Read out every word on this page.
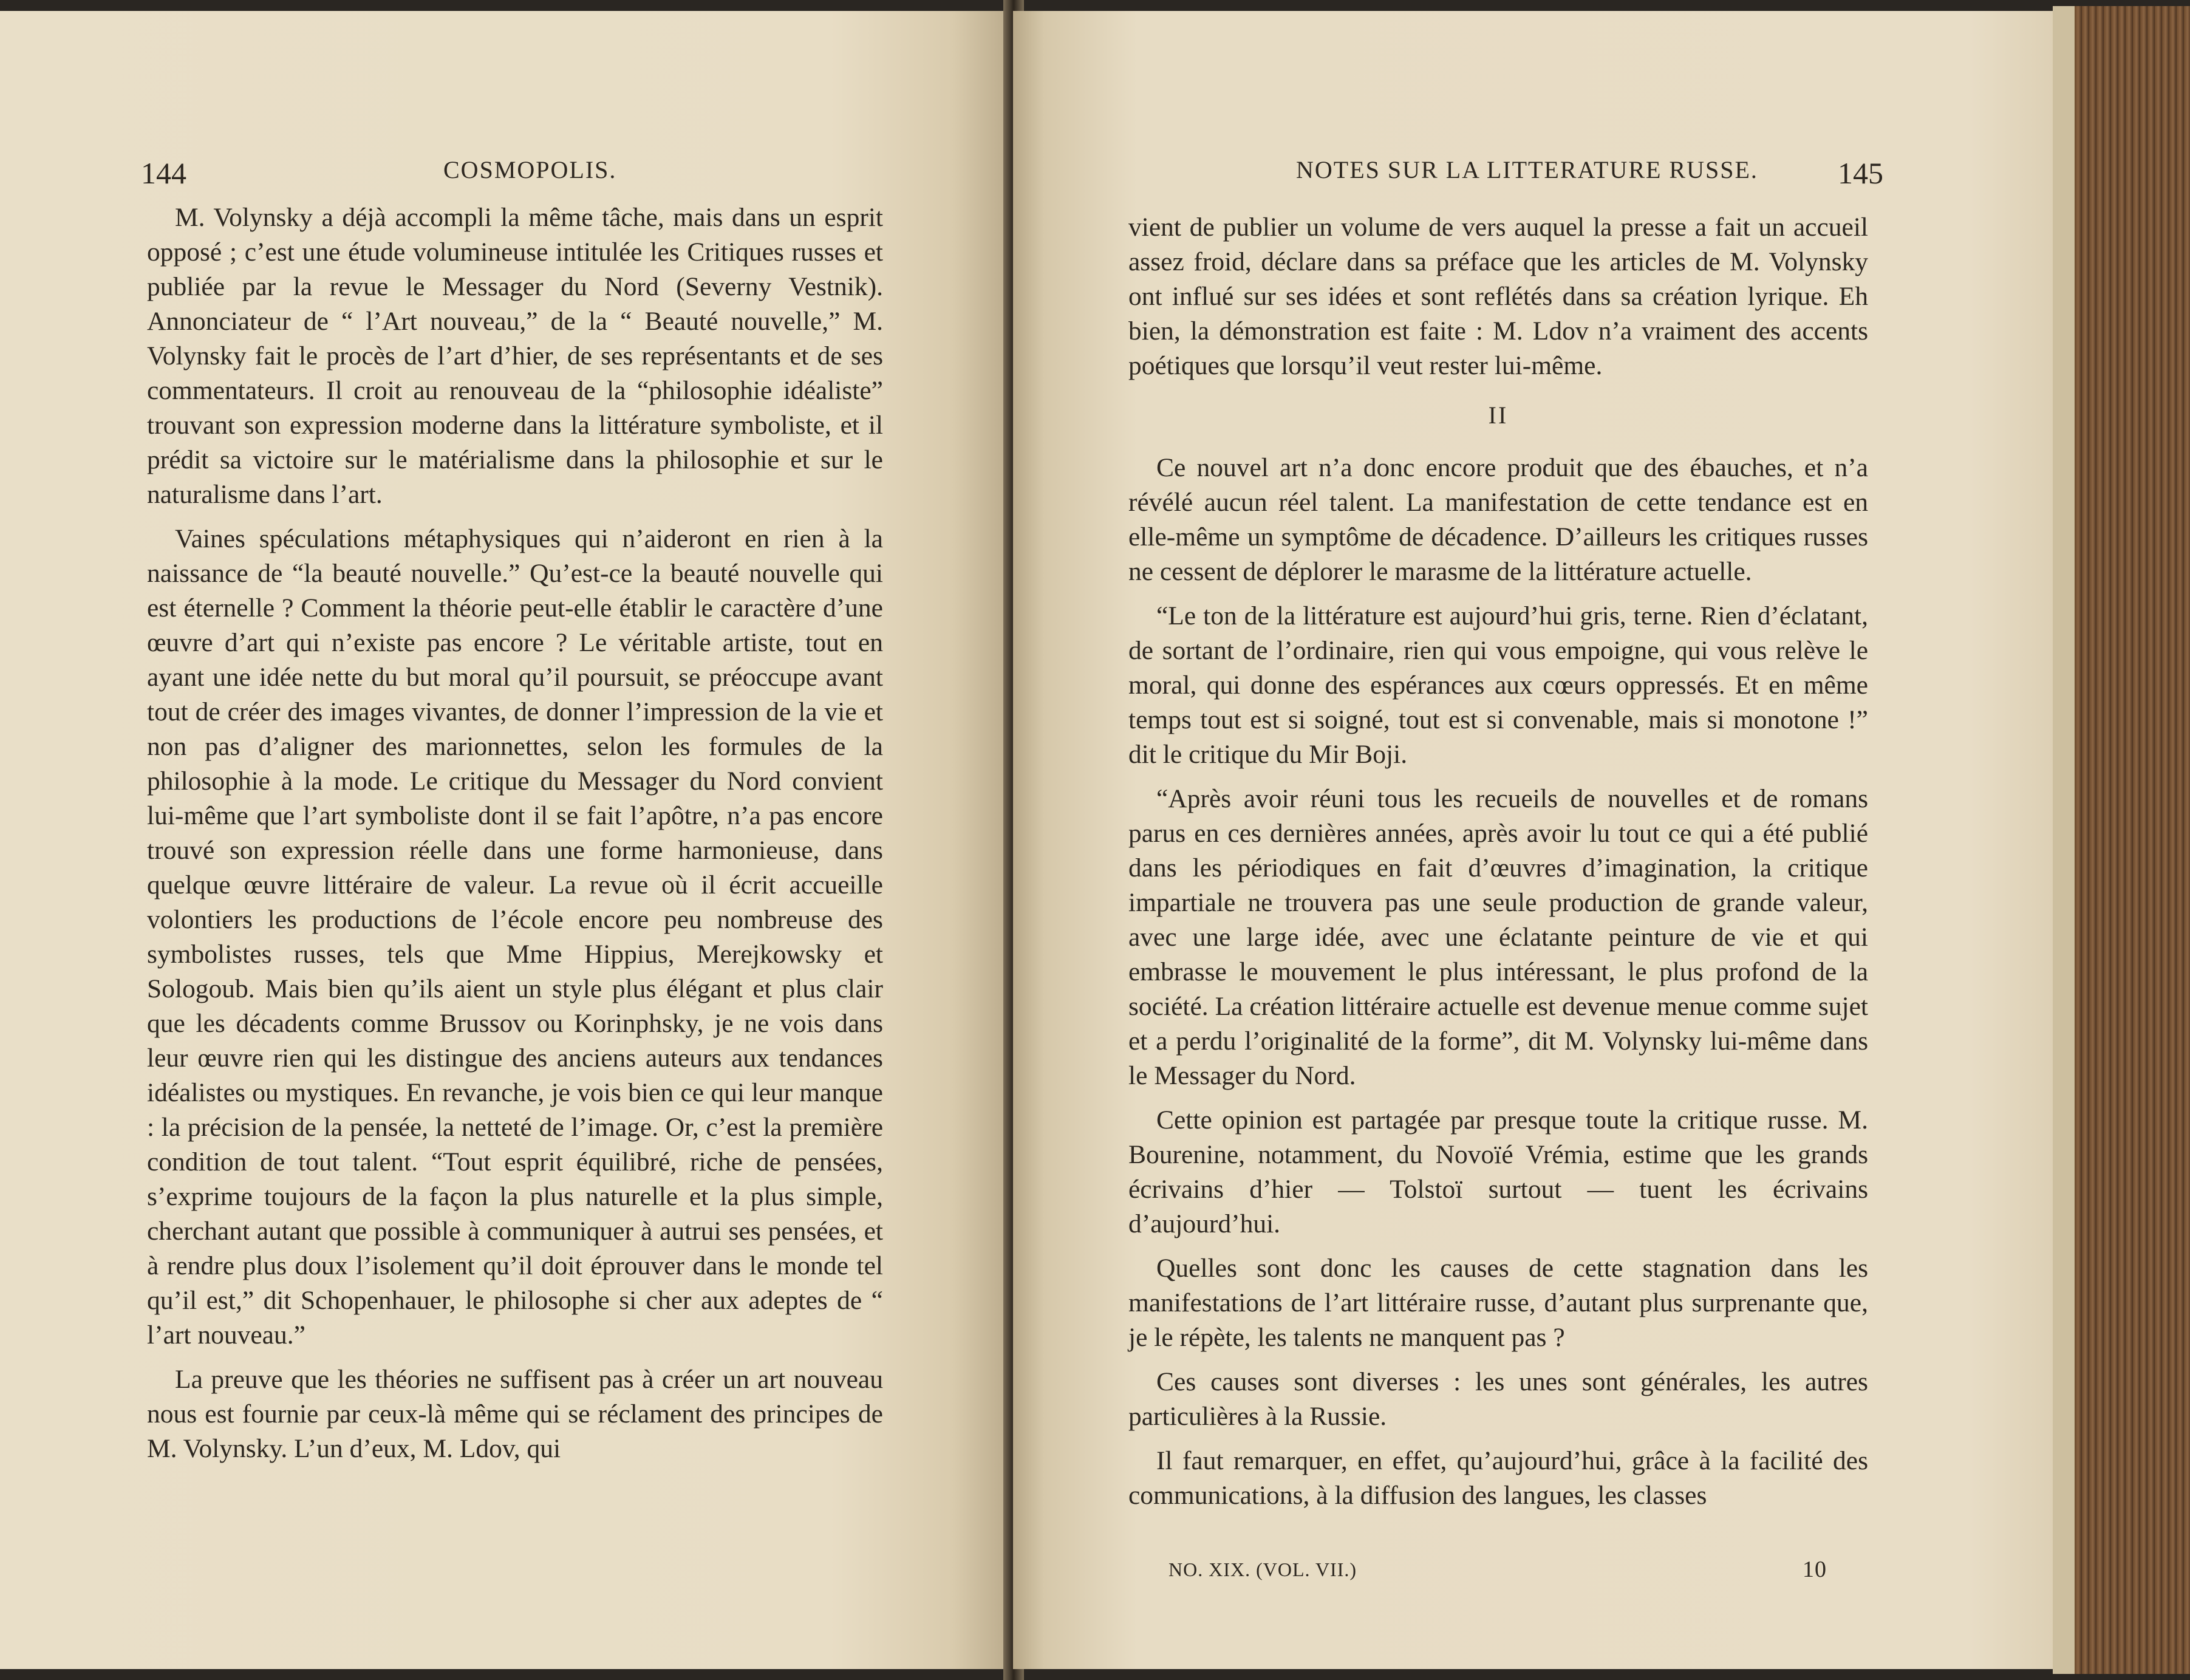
144	COSMOPOLIS.

M. Volynsky a déjà accompli la même tâche, mais dans un esprit opposé ; c’est une étude volumineuse intitulée les Critiques russes et publiée par la revue le Messager du Nord (Severny Vestnik). Annonciateur de “ l’Art nouveau,” de la “ Beauté nouvelle,” M. Volynsky fait le procès de l’art d’hier, de ses représentants et de ses commentateurs. Il croit au renouveau de la “philosophie idéaliste” trouvant son expression moderne dans la littérature symboliste, et il prédit sa victoire sur le matérialisme dans la philosophie et sur le naturalisme dans l’art.

Vaines spéculations métaphysiques qui n’aideront en rien à la naissance de “la beauté nouvelle.” Qu’est-ce la beauté nouvelle qui est éternelle ? Comment la théorie peut-elle établir le caractère d’une œuvre d’art qui n’existe pas encore ? Le véritable artiste, tout en ayant une idée nette du but moral qu’il poursuit, se préoccupe avant tout de créer des images vivantes, de donner l’impression de la vie et non pas d’aligner des marionnettes, selon les formules de la philosophie à la mode. Le critique du Messager du Nord convient lui-même que l’art symboliste dont il se fait l’apôtre, n’a pas encore trouvé son expression réelle dans une forme harmonieuse, dans quelque œuvre littéraire de valeur. La revue où il écrit accueille volontiers les productions de l’école encore peu nombreuse des symbolistes russes, tels que Mme Hippius, Merejkowsky et Sologoub. Mais bien qu’ils aient un style plus élégant et plus clair que les décadents comme Brussov ou Korinphsky, je ne vois dans leur œuvre rien qui les distingue des anciens auteurs aux tendances idéalistes ou mystiques. En revanche, je vois bien ce qui leur manque : la précision de la pensée, la netteté de l’image. Or, c’est la première condition de tout talent. “Tout esprit équilibré, riche de pensées, s’exprime toujours de la façon la plus naturelle et la plus simple, cherchant autant que possible à communiquer à autrui ses pensées, et à rendre plus doux l’isolement qu’il doit éprouver dans le monde tel qu’il est,” dit Schopenhauer, le philosophe si cher aux adeptes de “ l’art nouveau.”

La preuve que les théories ne suffisent pas à créer un art nouveau nous est fournie par ceux-là même qui se réclament des principes de M. Volynsky. L’un d’eux, M. Ldov, qui

NOTES SUR LA LITTERATURE RUSSE.	145

vient de publier un volume de vers auquel la presse a fait un accueil assez froid, déclare dans sa préface que les articles de M. Volynsky ont influé sur ses idées et sont reflétés dans sa création lyrique. Eh bien, la démonstration est faite : M. Ldov n’a vraiment des accents poétiques que lorsqu’il veut rester lui-même.

II

Ce nouvel art n’a donc encore produit que des ébauches, et n’a révélé aucun réel talent. La manifestation de cette tendance est en elle-même un symptôme de décadence. D’ailleurs les critiques russes ne cessent de déplorer le marasme de la littérature actuelle.

“Le ton de la littérature est aujourd’hui gris, terne. Rien d’éclatant, de sortant de l’ordinaire, rien qui vous empoigne, qui vous relève le moral, qui donne des espérances aux cœurs oppressés. Et en même temps tout est si soigné, tout est si convenable, mais si monotone !” dit le critique du Mir Boji.

“Après avoir réuni tous les recueils de nouvelles et de romans parus en ces dernières années, après avoir lu tout ce qui a été publié dans les périodiques en fait d’œuvres d’imagination, la critique impartiale ne trouvera pas une seule production de grande valeur, avec une large idée, avec une éclatante peinture de vie et qui embrasse le mouvement le plus intéressant, le plus profond de la société. La création littéraire actuelle est devenue menue comme sujet et a perdu l’originalité de la forme”, dit M. Volynsky lui-même dans le Messager du Nord.

Cette opinion est partagée par presque toute la critique russe. M. Bourenine, notamment, du Novoïé Vrémia, estime que les grands écrivains d’hier — Tolstoï surtout — tuent les écrivains d’aujourd’hui.

Quelles sont donc les causes de cette stagnation dans les manifestations de l’art littéraire russe, d’autant plus surprenante que, je le répète, les talents ne manquent pas ?

Ces causes sont diverses : les unes sont générales, les autres particulières à la Russie.

Il faut remarquer, en effet, qu’aujourd’hui, grâce à la facilité des communications, à la diffusion des langues, les classes

NO. XIX. (VOL. VII.)	10
